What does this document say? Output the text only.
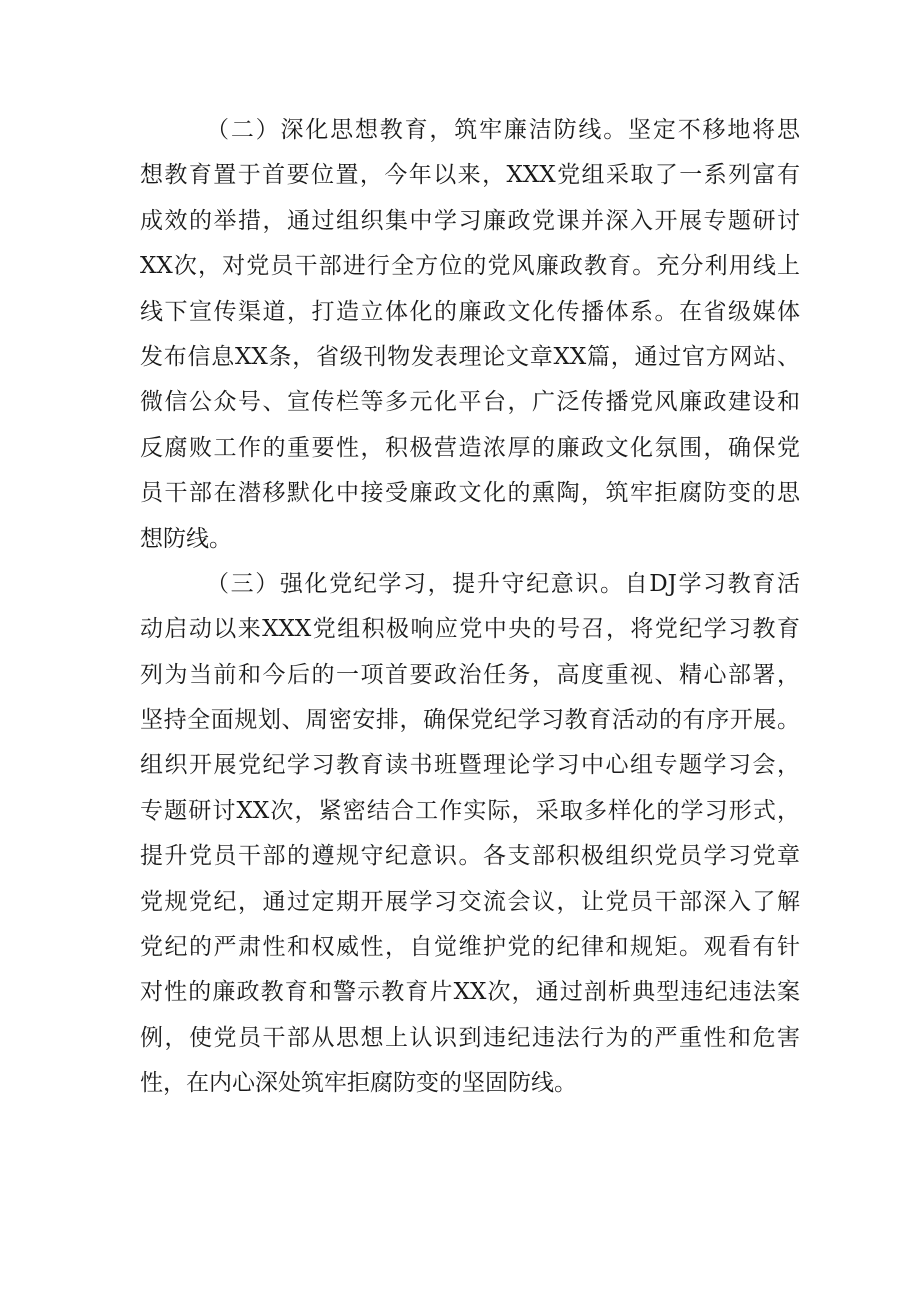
（二）深化思想教育，筑牢廉洁防线。坚定不移地将思
想教育置于首要位置，今年以来，XXX党组采取了一系列富有
成效的举措，通过组织集中学习廉政党课并深入开展专题研讨
XX次，对党员干部进行全方位的党风廉政教育。充分利用线上
线下宣传渠道，打造立体化的廉政文化传播体系。在省级媒体
发布信息XX条，省级刊物发表理论文章XX篇，通过官方网站、
微信公众号、宣传栏等多元化平台，广泛传播党风廉政建设和
反腐败工作的重要性，积极营造浓厚的廉政文化氛围，确保党
员干部在潜移默化中接受廉政文化的熏陶，筑牢拒腐防变的思
想防线。
（三）强化党纪学习，提升守纪意识。自DJ学习教育活
动启动以来XXX党组积极响应党中央的号召，将党纪学习教育
列为当前和今后的一项首要政治任务，高度重视、精心部署，
坚持全面规划、周密安排，确保党纪学习教育活动的有序开展。
组织开展党纪学习教育读书班暨理论学习中心组专题学习会，
专题研讨XX次，紧密结合工作实际，采取多样化的学习形式，
提升党员干部的遵规守纪意识。各支部积极组织党员学习党章
党规党纪，通过定期开展学习交流会议，让党员干部深入了解
党纪的严肃性和权威性，自觉维护党的纪律和规矩。观看有针
对性的廉政教育和警示教育片XX次，通过剖析典型违纪违法案
例，使党员干部从思想上认识到违纪违法行为的严重性和危害
性，在内心深处筑牢拒腐防变的坚固防线。
